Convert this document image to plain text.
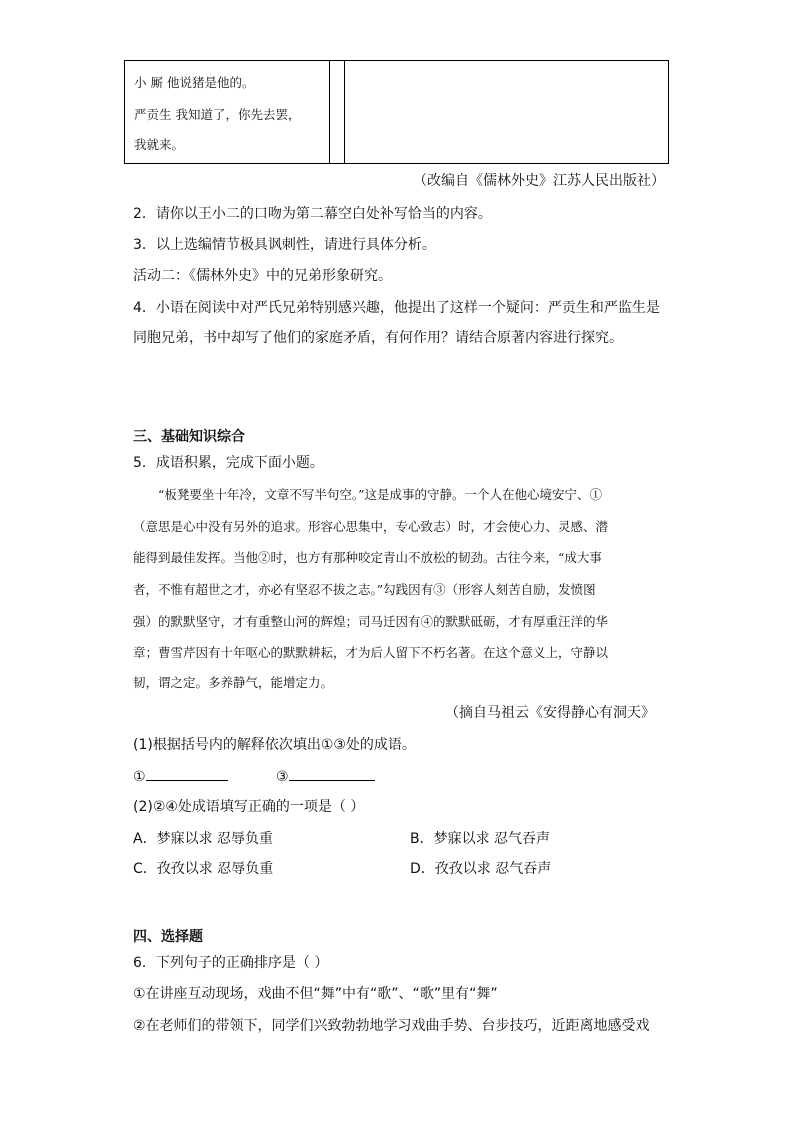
小 厮 他说猪是他的。
严贡生 我知道了，你先去罢，
我就来。
（改编自《儒林外史》江苏人民出版社）
2．请你以王小二的口吻为第二幕空白处补写恰当的内容。
3．以上选编情节极具讽刺性，请进行具体分析。
活动二：《儒林外史》中的兄弟形象研究。
4．小语在阅读中对严氏兄弟特别感兴趣，他提出了这样一个疑问：严贡生和严监生是
同胞兄弟，书中却写了他们的家庭矛盾，有何作用？请结合原著内容进行探究。
三、基础知识综合
5．成语积累，完成下面小题。
“板凳要坐十年冷，文章不写半句空。”这是成事的守静。一个人在他心境安宁、①
（意思是心中没有另外的追求。形容心思集中，专心致志）时，才会使心力、灵感、潜
能得到最佳发挥。当他②时，也方有那种咬定青山不放松的韧劲。古往今来，“成大事
者，不惟有超世之才，亦必有坚忍不拔之志。”勾践因有③（形容人刻苦自励，发愤图
强）的默默坚守，才有重整山河的辉煌；司马迁因有④的默默砥砺，才有厚重汪洋的华
章；曹雪芹因有十年呕心的默默耕耘，才为后人留下不朽名著。在这个意义上，守静以
韧，谓之定。多养静气，能增定力。
（摘自马祖云《安得静心有洞天》
(1)根据括号内的解释依次填出①③处的成语。
①	③
(2)②④处成语填写正确的一项是（ ）
A．梦寐以求 忍辱负重	B．梦寐以求 忍气吞声
C．孜孜以求 忍辱负重	D．孜孜以求 忍气吞声
四、选择题
6．下列句子的正确排序是（ ）
①在讲座互动现场，戏曲不但“舞”中有“歌”、“歌”里有“舞”
②在老师们的带领下，同学们兴致勃勃地学习戏曲手势、台步技巧，近距离地感受戏
